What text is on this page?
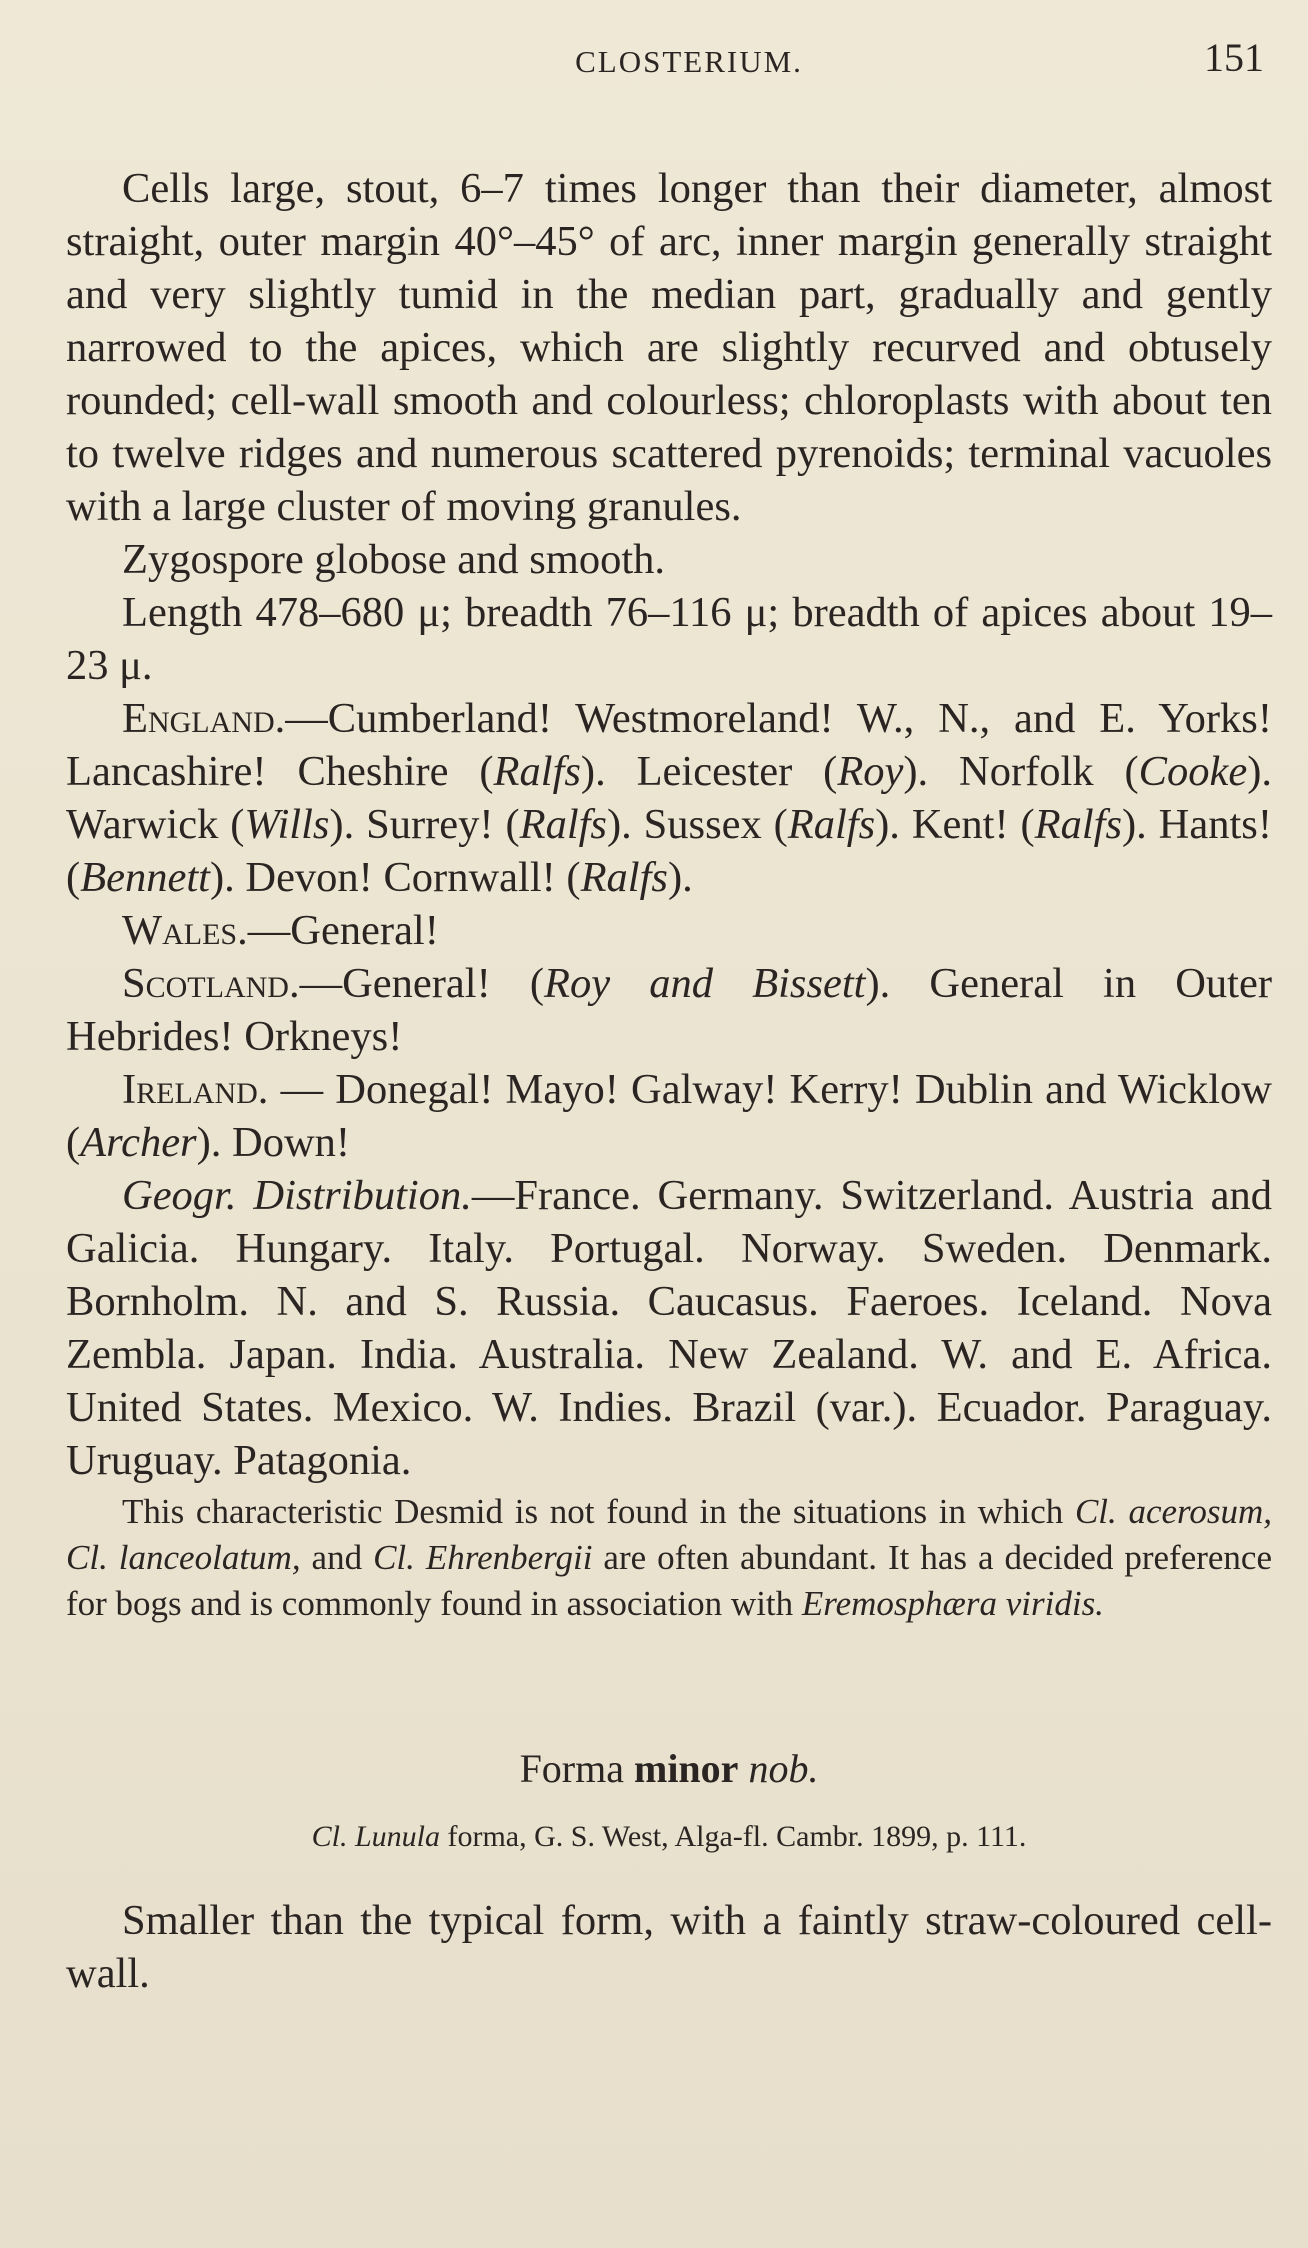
CLOSTERIUM.	151

Cells large, stout, 6–7 times longer than their diameter, almost straight, outer margin 40°–45° of arc, inner margin generally straight and very slightly tumid in the median part, gradually and gently narrowed to the apices, which are slightly recurved and obtusely rounded; cell-wall smooth and colourless; chloroplasts with about ten to twelve ridges and numerous scattered pyrenoids; terminal vacuoles with a large cluster of moving granules.

Zygospore globose and smooth.

Length 478–680 μ; breadth 76–116 μ; breadth of apices about 19–23 μ.

England.—Cumberland! Westmoreland! W., N., and E. Yorks! Lancashire! Cheshire (Ralfs). Leicester (Roy). Norfolk (Cooke). Warwick (Wills). Surrey! (Ralfs). Sussex (Ralfs). Kent! (Ralfs). Hants! (Bennett). Devon! Cornwall! (Ralfs).

Wales.—General!

Scotland.—General! (Roy and Bissett). General in Outer Hebrides! Orkneys!

Ireland. — Donegal! Mayo! Galway! Kerry! Dublin and Wicklow (Archer). Down!

Geogr. Distribution.—France. Germany. Switzerland. Austria and Galicia. Hungary. Italy. Portugal. Norway. Sweden. Denmark. Bornholm. N. and S. Russia. Caucasus. Faeroes. Iceland. Nova Zembla. Japan. India. Australia. New Zealand. W. and E. Africa. United States. Mexico. W. Indies. Brazil (var.). Ecuador. Paraguay. Uruguay. Patagonia.

This characteristic Desmid is not found in the situations in which Cl. acerosum, Cl. lanceolatum, and Cl. Ehrenbergii are often abundant. It has a decided preference for bogs and is commonly found in association with Eremosphæra viridis.

Forma minor nob.

Cl. Lunula forma, G. S. West, Alga-fl. Cambr. 1899, p. 111.

Smaller than the typical form, with a faintly straw-coloured cell-wall.
